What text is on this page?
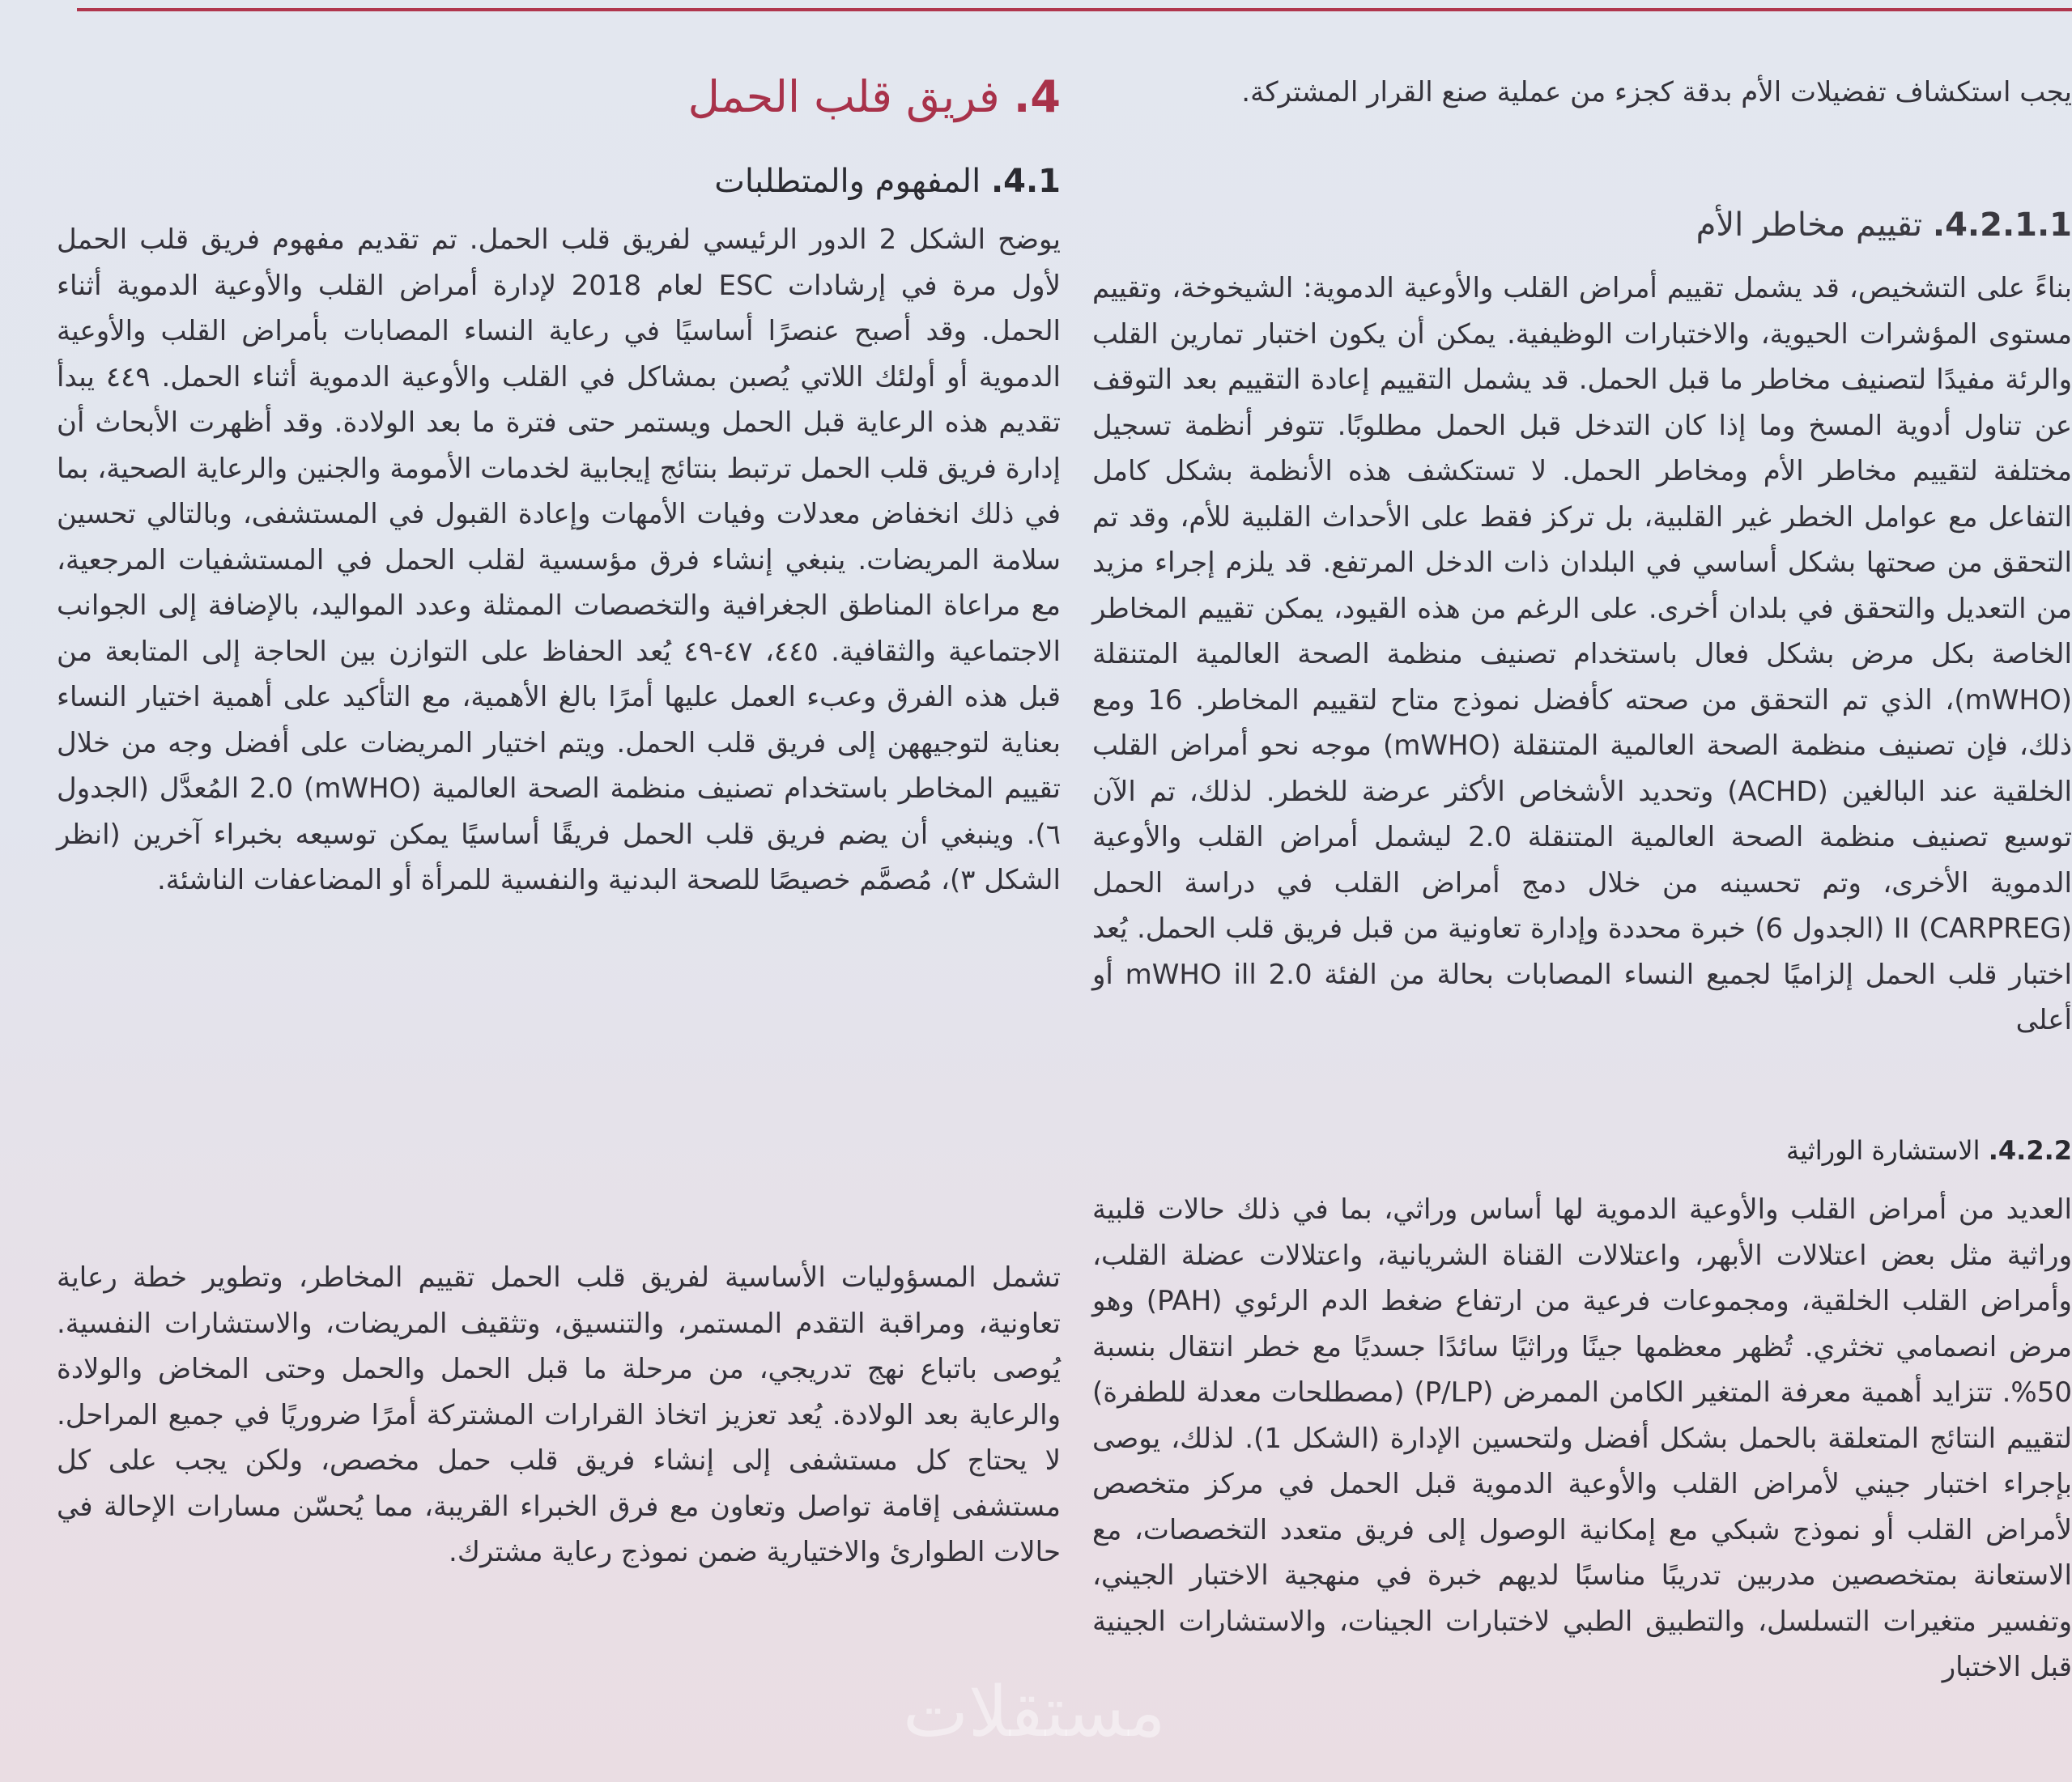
يجب استكشاف تفضيلات الأم بدقة كجزء من عملية صنع القرار المشتركة.

4.2.1.1. تقييم مخاطر الأم

بناءً على التشخيص، قد يشمل تقييم أمراض القلب والأوعية الدموية: الشيخوخة، وتقييم مستوى المؤشرات الحيوية، والاختبارات الوظيفية. يمكن أن يكون اختبار تمارين القلب والرئة مفيدًا لتصنيف مخاطر ما قبل الحمل. قد يشمل التقييم إعادة التقييم بعد التوقف عن تناول أدوية المسخ وما إذا كان التدخل قبل الحمل مطلوبًا. تتوفر أنظمة تسجيل مختلفة لتقييم مخاطر الأم ومخاطر الحمل. لا تستكشف هذه الأنظمة بشكل كامل التفاعل مع عوامل الخطر غير القلبية، بل تركز فقط على الأحداث القلبية للأم، وقد تم التحقق من صحتها بشكل أساسي في البلدان ذات الدخل المرتفع. قد يلزم إجراء مزيد من التعديل والتحقق في بلدان أخرى. على الرغم من هذه القيود، يمكن تقييم المخاطر الخاصة بكل مرض بشكل فعال باستخدام تصنيف منظمة الصحة العالمية المتنقلة (mWHO)، الذي تم التحقق من صحته كأفضل نموذج متاح لتقييم المخاطر. 16 ومع ذلك، فإن تصنيف منظمة الصحة العالمية المتنقلة (mWHO) موجه نحو أمراض القلب الخلقية عند البالغين (ACHD) وتحديد الأشخاص الأكثر عرضة للخطر. لذلك، تم الآن توسيع تصنيف منظمة الصحة العالمية المتنقلة 2.0 ليشمل أمراض القلب والأوعية الدموية الأخرى، وتم تحسينه من خلال دمج أمراض القلب في دراسة الحمل (CARPREG) II (الجدول 6) خبرة محددة وإدارة تعاونية من قبل فريق قلب الحمل. يُعد اختبار قلب الحمل إلزاميًا لجميع النساء المصابات بحالة من الفئة mWHO ill 2.0 أو أعلى

4.2.2. الاستشارة الوراثية

العديد من أمراض القلب والأوعية الدموية لها أساس وراثي، بما في ذلك حالات قلبية وراثية مثل بعض اعتلالات الأبهر، واعتلالات القناة الشريانية، واعتلالات عضلة القلب، وأمراض القلب الخلقية، ومجموعات فرعية من ارتفاع ضغط الدم الرئوي (PAH) وهو مرض انصمامي تخثري. تُظهر معظمها جينًا وراثيًا سائدًا جسديًا مع خطر انتقال بنسبة 50%. تتزايد أهمية معرفة المتغير الكامن الممرض (P/LP) (مصطلحات معدلة للطفرة) لتقييم النتائج المتعلقة بالحمل بشكل أفضل ولتحسين الإدارة (الشكل 1). لذلك، يوصى بإجراء اختبار جيني لأمراض القلب والأوعية الدموية قبل الحمل في مركز متخصص لأمراض القلب أو نموذج شبكي مع إمكانية الوصول إلى فريق متعدد التخصصات، مع الاستعانة بمتخصصين مدربين تدريبًا مناسبًا لديهم خبرة في منهجية الاختبار الجيني، وتفسير متغيرات التسلسل، والتطبيق الطبي لاختبارات الجينات، والاستشارات الجينية قبل الاختبار

4. فريق قلب الحمل
4.1. المفهوم والمتطلبات

يوضح الشكل 2 الدور الرئيسي لفريق قلب الحمل. تم تقديم مفهوم فريق قلب الحمل لأول مرة في إرشادات ESC لعام 2018 لإدارة أمراض القلب والأوعية الدموية أثناء الحمل. وقد أصبح عنصرًا أساسيًا في رعاية النساء المصابات بأمراض القلب والأوعية الدموية أو أولئك اللاتي يُصبن بمشاكل في القلب والأوعية الدموية أثناء الحمل. ٤٤٩ يبدأ تقديم هذه الرعاية قبل الحمل ويستمر حتى فترة ما بعد الولادة. وقد أظهرت الأبحاث أن إدارة فريق قلب الحمل ترتبط بنتائج إيجابية لخدمات الأمومة والجنين والرعاية الصحية، بما في ذلك انخفاض معدلات وفيات الأمهات وإعادة القبول في المستشفى، وبالتالي تحسين سلامة المريضات. ينبغي إنشاء فرق مؤسسية لقلب الحمل في المستشفيات المرجعية، مع مراعاة المناطق الجغرافية والتخصصات الممثلة وعدد المواليد، بالإضافة إلى الجوانب الاجتماعية والثقافية. ٤٤٥، ٤٧-٤٩ يُعد الحفاظ على التوازن بين الحاجة إلى المتابعة من قبل هذه الفرق وعبء العمل عليها أمرًا بالغ الأهمية، مع التأكيد على أهمية اختيار النساء بعناية لتوجيههن إلى فريق قلب الحمل. ويتم اختيار المريضات على أفضل وجه من خلال تقييم المخاطر باستخدام تصنيف منظمة الصحة العالمية (mWHO) 2.0 المُعدَّل (الجدول ٦). وينبغي أن يضم فريق قلب الحمل فريقًا أساسيًا يمكن توسيعه بخبراء آخرين (انظر الشكل ٣)، مُصمَّم خصيصًا للصحة البدنية والنفسية للمرأة أو المضاعفات الناشئة.

تشمل المسؤوليات الأساسية لفريق قلب الحمل تقييم المخاطر، وتطوير خطة رعاية تعاونية، ومراقبة التقدم المستمر، والتنسيق، وتثقيف المريضات، والاستشارات النفسية. يُوصى باتباع نهج تدريجي، من مرحلة ما قبل الحمل والحمل وحتى المخاض والولادة والرعاية بعد الولادة. يُعد تعزيز اتخاذ القرارات المشتركة أمرًا ضروريًا في جميع المراحل. لا يحتاج كل مستشفى إلى إنشاء فريق قلب حمل مخصص، ولكن يجب على كل مستشفى إقامة تواصل وتعاون مع فرق الخبراء القريبة، مما يُحسّن مسارات الإحالة في حالات الطوارئ والاختيارية ضمن نموذج رعاية مشترك.

مستقلات
